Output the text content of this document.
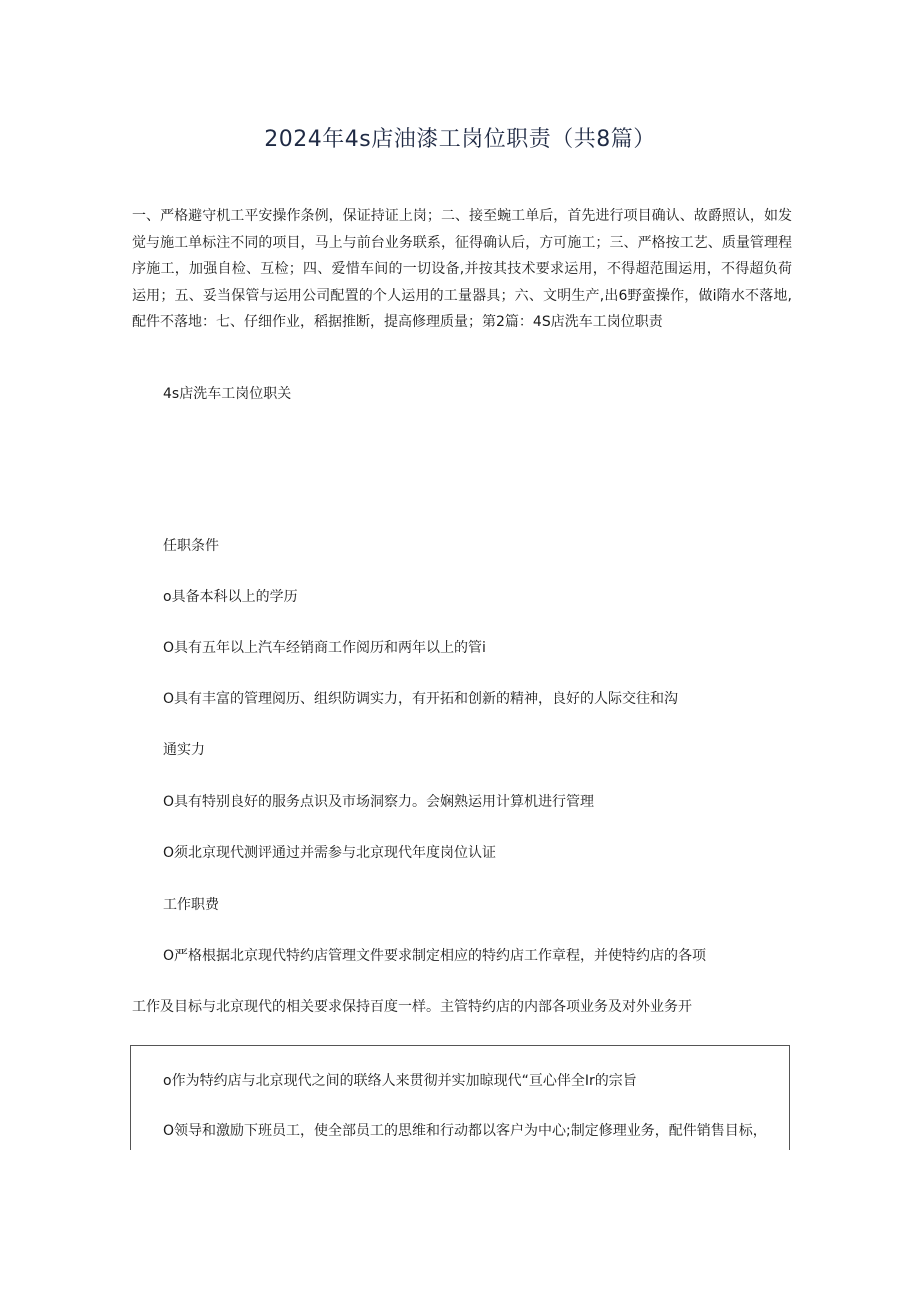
2024年4s店油漆工岗位职责（共8篇）
一、严格避守机工平安操作条例，保证持证上岗；二、接至蜿工单后，首先进行项目确认、故爵照认，如发觉与施工单标注不同的项目，马上与前台业务联系，征得确认后，方可施工；三、严格按工艺、质量管理程序施工，加强自检、互检；四、爱惜车间的一切设备,并按其技术要求运用，不得超范围运用，不得超负荷运用；五、妥当保管与运用公司配置的个人运用的工量器具；六、文明生产,出6野蛮操作，做i隋水不落地,配件不落地：七、仔细作业，稻据推断，提高修理质量；第2篇：4S店洗车工岗位职责
4s店洗车工岗位职关
任职条件
o具备本科以上的学历
O具有五年以上汽车经销商工作阅历和两年以上的管i
O具有丰富的管理阅历、组织防调实力，有开拓和创新的精神，良好的人际交往和沟
通实力
O具有特别良好的服务点识及市场洞察力。会娴熟运用计算机进行管理
O须北京现代测评通过并需参与北京现代年度岗位认证
工作职费
O严格根据北京现代特约店管理文件要求制定相应的特约店工作章程，并使特约店的各项
工作及目标与北京现代的相关要求保持百度一样。主管特约店的内部各项业务及对外业务开
o作为特约店与北京现代之间的联络人来贯彻并实加晾现代“亘心伴全Ir的宗旨
O领导和激励下班员工，使全部员工的思维和行动都以客户为中心;制定修理业务，配件销售目标，
